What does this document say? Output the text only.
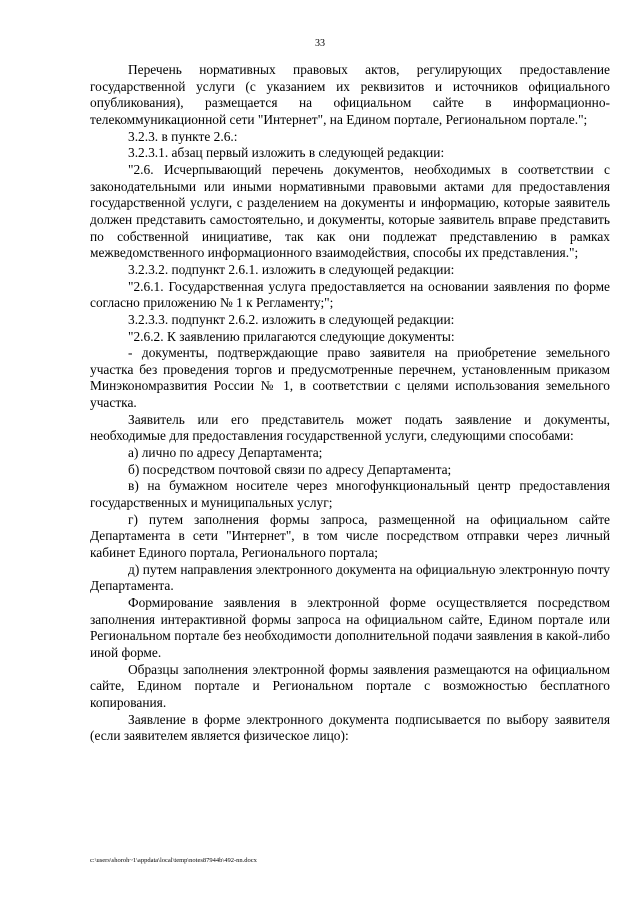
33

Перечень нормативных правовых актов, регулирующих предоставление государственной услуги (с указанием их реквизитов и источников официального опубликования), размещается на официальном сайте в информационно-телекоммуникационной сети "Интернет", на Едином портале, Региональном портале.";

3.2.3. в пункте 2.6.:

3.2.3.1. абзац первый изложить в следующей редакции:

"2.6. Исчерпывающий перечень документов, необходимых в соответствии с законодательными или иными нормативными правовыми актами для предоставления государственной услуги, с разделением на документы и информацию, которые заявитель должен представить самостоятельно, и документы, которые заявитель вправе представить по собственной инициативе, так как они подлежат представлению в рамках межведомственного информационного взаимодействия, способы их представления.";

3.2.3.2. подпункт 2.6.1. изложить в следующей редакции:

"2.6.1. Государственная услуга предоставляется на основании заявления по форме согласно приложению № 1 к Регламенту;";

3.2.3.3. подпункт 2.6.2. изложить в следующей редакции:

"2.6.2. К заявлению прилагаются следующие документы:

- документы, подтверждающие право заявителя на приобретение земельного участка без проведения торгов и предусмотренные перечнем, установленным приказом Минэкономразвития России № 1, в соответствии с целями использования земельного участка.

Заявитель или его представитель может подать заявление и документы, необходимые для предоставления государственной услуги, следующими способами:

а) лично по адресу Департамента;

б) посредством почтовой связи по адресу Департамента;

в) на бумажном носителе через многофункциональный центр предоставления государственных и муниципальных услуг;

г) путем заполнения формы запроса, размещенной на официальном сайте Департамента в сети "Интернет", в том числе посредством отправки через личный кабинет Единого портала, Регионального портала;

д) путем направления электронного документа на официальную электронную почту Департамента.

Формирование заявления в электронной форме осуществляется посредством заполнения интерактивной формы запроса на официальном сайте, Едином портале или Региональном портале без необходимости дополнительной подачи заявления в какой-либо иной форме.

Образцы заполнения электронной формы заявления размещаются на официальном сайте, Едином портале и Региональном портале с возможностью бесплатного копирования.

Заявление в форме электронного документа подписывается по выбору заявителя (если заявителем является физическое лицо):

c:\users\shoroh~1\appdata\local\temp\notes87944b\492-nn.docx
